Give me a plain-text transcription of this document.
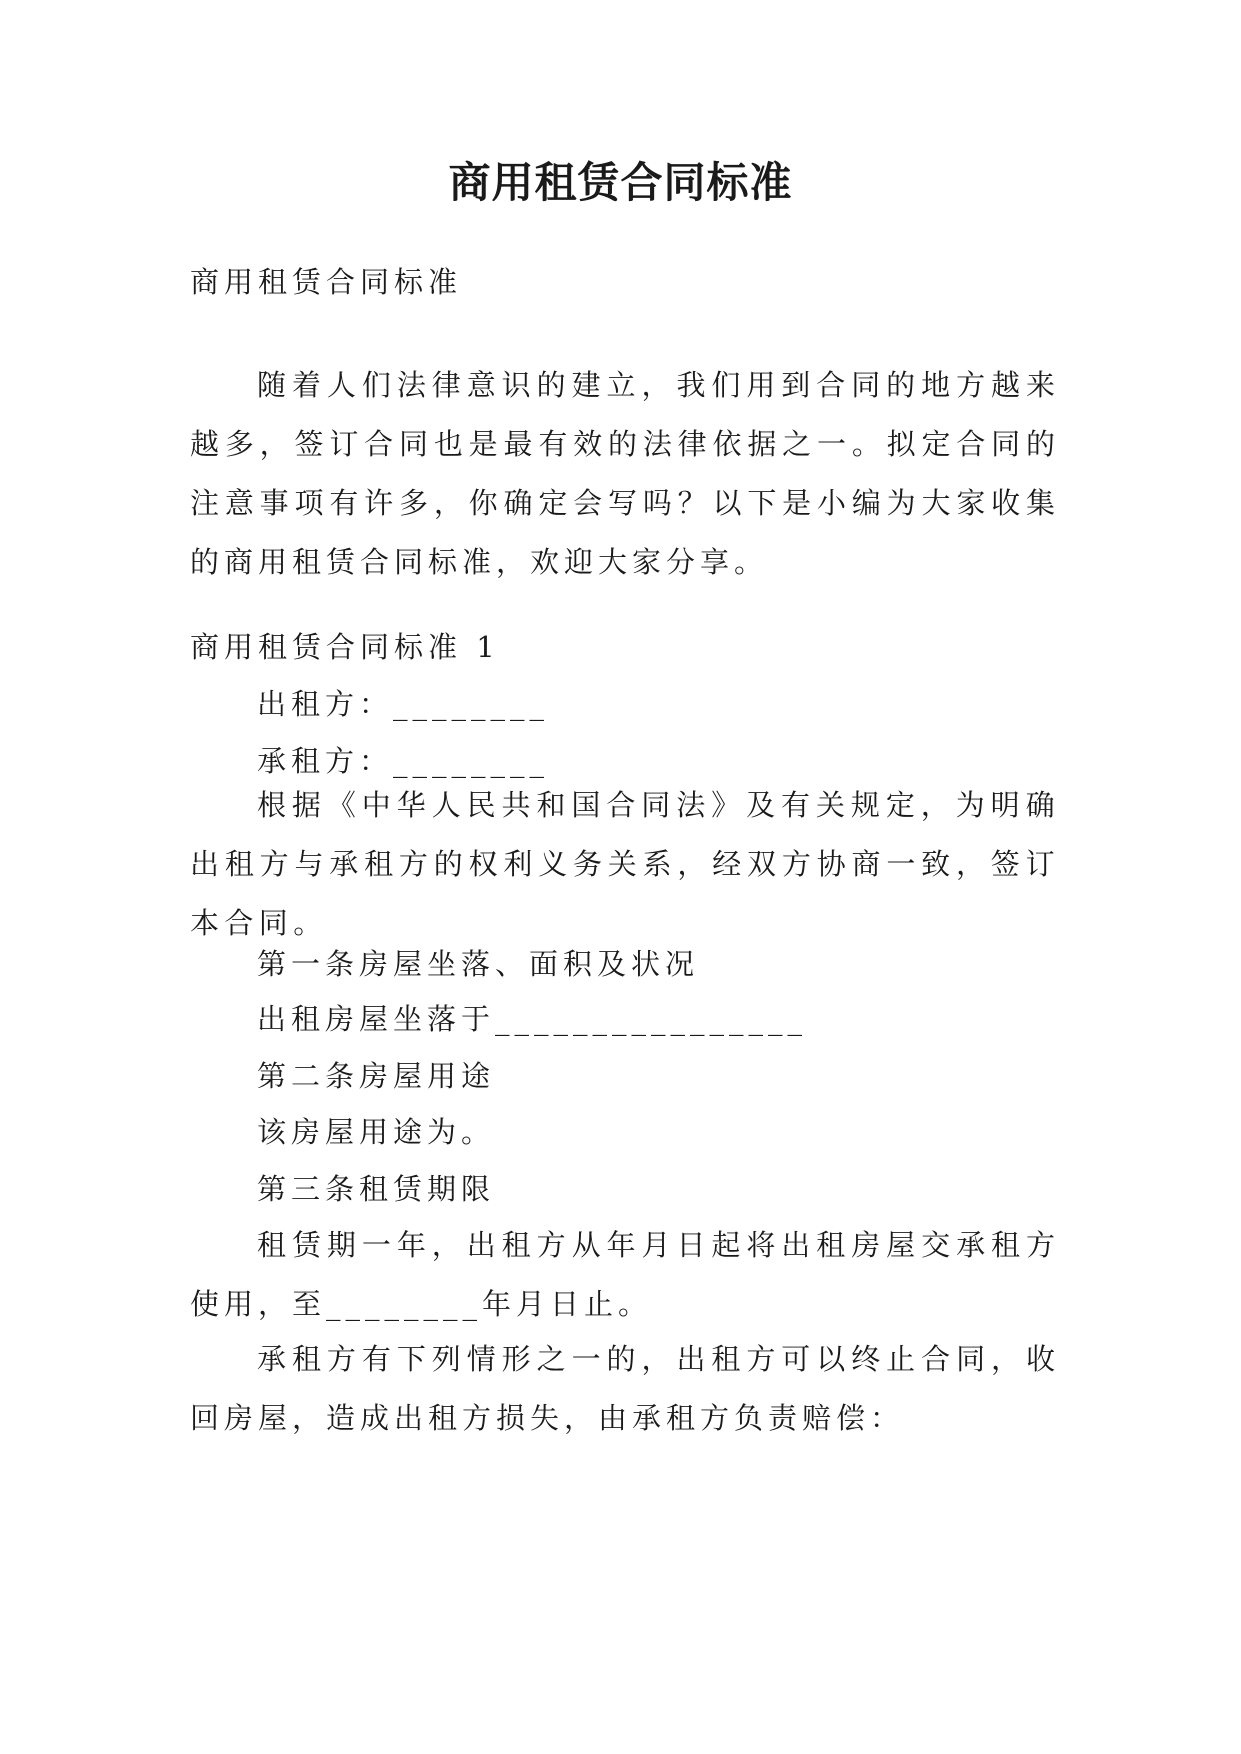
商用租赁合同标准

商用租赁合同标准

随着人们法律意识的建立，我们用到合同的地方越来越多，签订合同也是最有效的法律依据之一。拟定合同的注意事项有许多，你确定会写吗？以下是小编为大家收集的商用租赁合同标准，欢迎大家分享。

商用租赁合同标准 1

出租方：________

承租方：________

根据《中华人民共和国合同法》及有关规定，为明确出租方与承租方的权利义务关系，经双方协商一致，签订本合同。

第一条房屋坐落、面积及状况

出租房屋坐落于________________

第二条房屋用途

该房屋用途为。

第三条租赁期限

租赁期一年，出租方从年月日起将出租房屋交承租方使用，至________年月日止。

承租方有下列情形之一的，出租方可以终止合同，收回房屋，造成出租方损失，由承租方负责赔偿：
